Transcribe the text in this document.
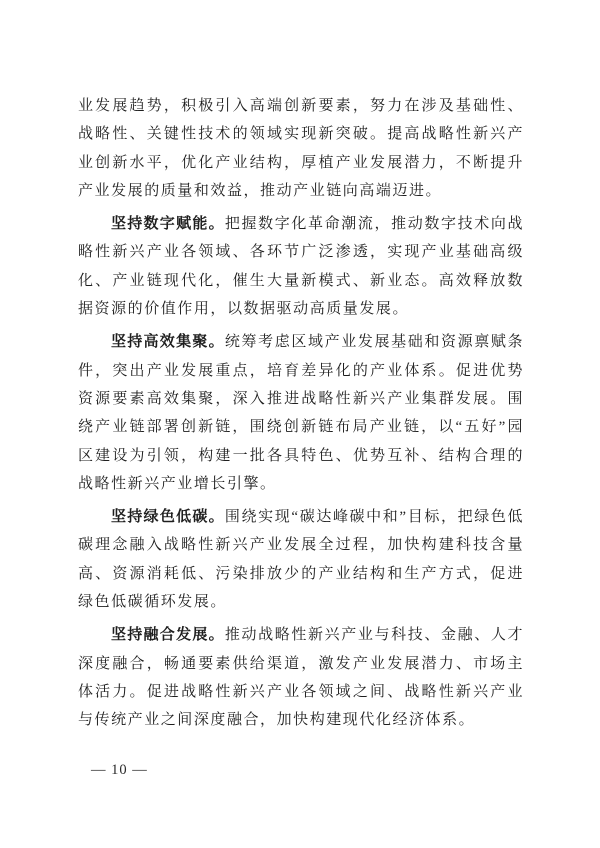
业发展趋势，积极引入高端创新要素，努力在涉及基础性、战略性、关键性技术的领域实现新突破。提高战略性新兴产业创新水平，优化产业结构，厚植产业发展潜力，不断提升产业发展的质量和效益，推动产业链向高端迈进。

坚持数字赋能。把握数字化革命潮流，推动数字技术向战略性新兴产业各领域、各环节广泛渗透，实现产业基础高级化、产业链现代化，催生大量新模式、新业态。高效释放数据资源的价值作用，以数据驱动高质量发展。

坚持高效集聚。统筹考虑区域产业发展基础和资源禀赋条件，突出产业发展重点，培育差异化的产业体系。促进优势资源要素高效集聚，深入推进战略性新兴产业集群发展。围绕产业链部署创新链，围绕创新链布局产业链，以“五好”园区建设为引领，构建一批各具特色、优势互补、结构合理的战略性新兴产业增长引擎。

坚持绿色低碳。围绕实现“碳达峰碳中和”目标，把绿色低碳理念融入战略性新兴产业发展全过程，加快构建科技含量高、资源消耗低、污染排放少的产业结构和生产方式，促进绿色低碳循环发展。

坚持融合发展。推动战略性新兴产业与科技、金融、人才深度融合，畅通要素供给渠道，激发产业发展潜力、市场主体活力。促进战略性新兴产业各领域之间、战略性新兴产业与传统产业之间深度融合，加快构建现代化经济体系。

— 10 —
